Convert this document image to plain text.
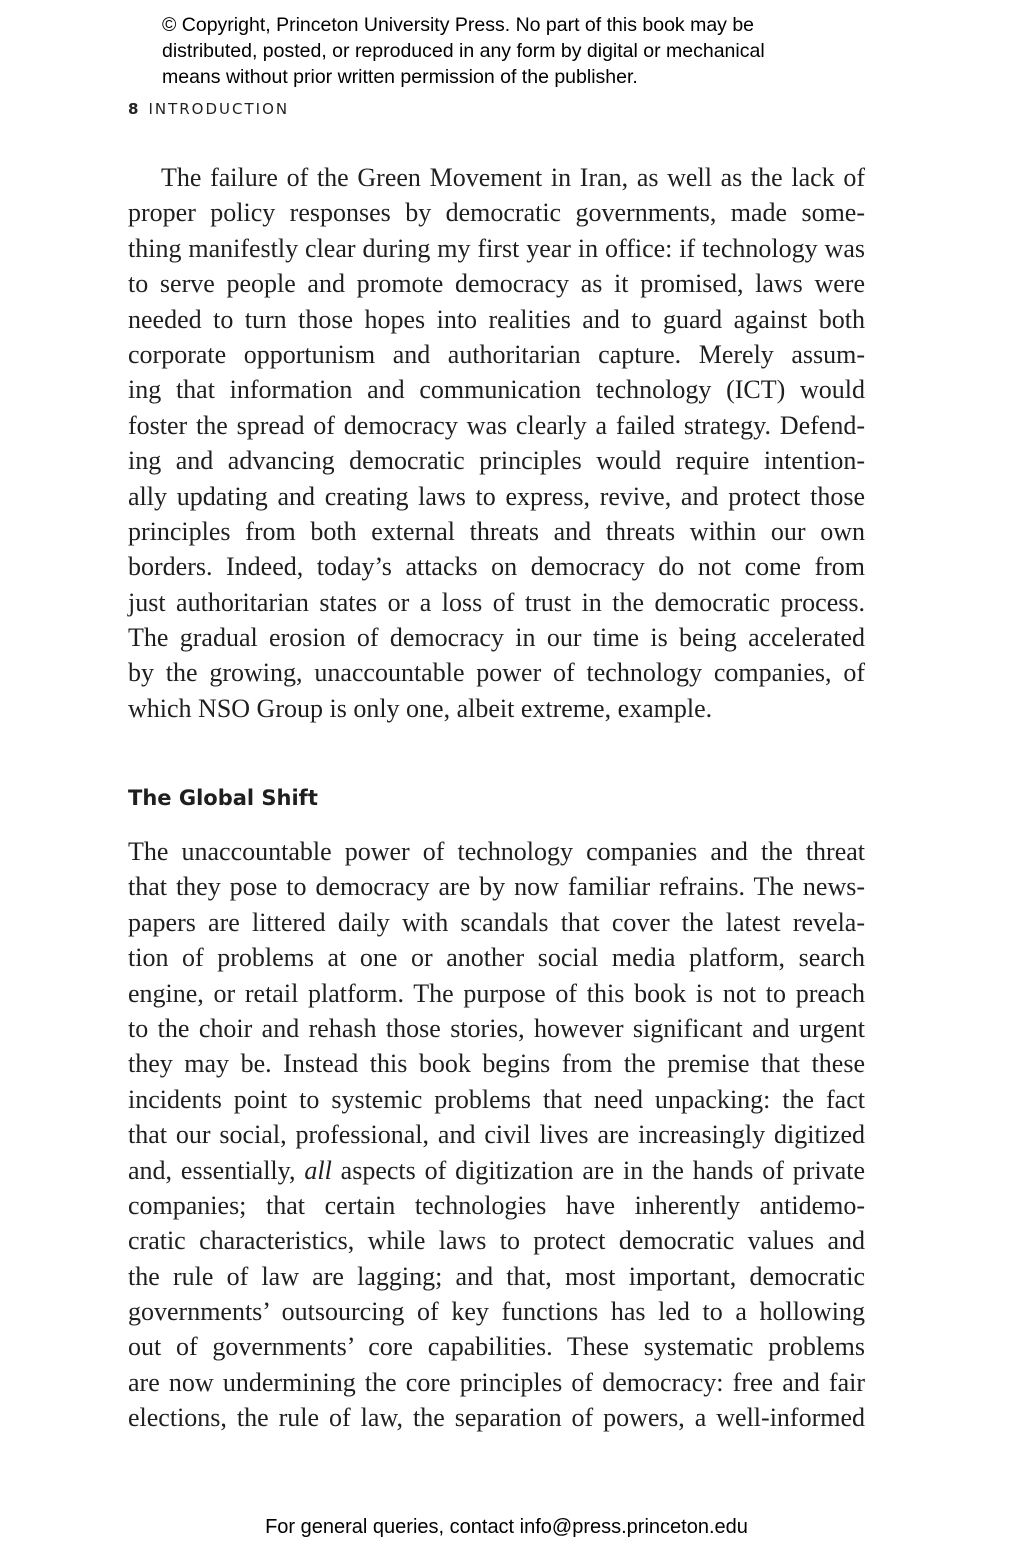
© Copyright, Princeton University Press. No part of this book may be
distributed, posted, or reproduced in any form by digital or mechanical
means without prior written permission of the publisher.
8 INTRODUCTION
The failure of the Green Movement in Iran, as well as the lack of
proper policy responses by democratic governments, made some-
thing manifestly clear during my first year in office: if technology was
to serve people and promote democracy as it promised, laws were
needed to turn those hopes into realities and to guard against both
corporate opportunism and authoritarian capture. Merely assum-
ing that information and communication technology (ICT) would
foster the spread of democracy was clearly a failed strategy. Defend-
ing and advancing democratic principles would require intention-
ally updating and creating laws to express, revive, and protect those
principles from both external threats and threats within our own
borders. Indeed, today’s attacks on democracy do not come from
just authoritarian states or a loss of trust in the democratic process.
The gradual erosion of democracy in our time is being accelerated
by the growing, unaccountable power of technology companies, of
which NSO Group is only one, albeit extreme, example.
The Global Shift
The unaccountable power of technology companies and the threat
that they pose to democracy are by now familiar refrains. The news-
papers are littered daily with scandals that cover the latest revela-
tion of problems at one or another social media platform, search
engine, or retail platform. The purpose of this book is not to preach
to the choir and rehash those stories, however significant and urgent
they may be. Instead this book begins from the premise that these
incidents point to systemic problems that need unpacking: the fact
that our social, professional, and civil lives are increasingly digitized
and, essentially, all aspects of digitization are in the hands of private
companies; that certain technologies have inherently antidemo-
cratic characteristics, while laws to protect democratic values and
the rule of law are lagging; and that, most important, democratic
governments’ outsourcing of key functions has led to a hollowing
out of governments’ core capabilities. These systematic problems
are now undermining the core principles of democracy: free and fair
elections, the rule of law, the separation of powers, a well-informed
For general queries, contact info@press.princeton.edu
